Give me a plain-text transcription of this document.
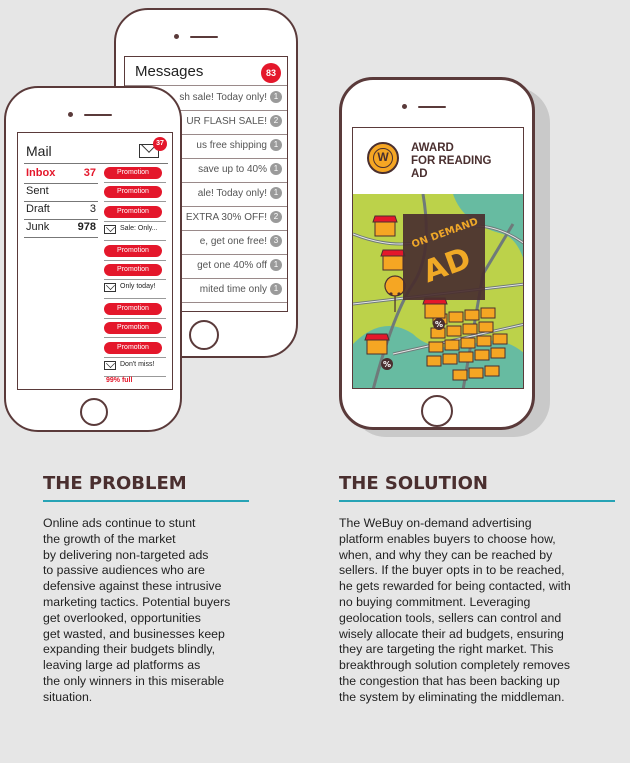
Messages	83
sh sale! Today only! 1
UR FLASH SALE! 2
us free shipping 1
save up to 40% 1
ale! Today only! 1
EXTRA 30% OFF! 2
e, get one free! 3
get one 40% off 1
mited time only 1
Mail	37
Inbox	37
Sent
Draft	3
Junk	978
Promotion
Promotion
Promotion
Sale: Only...
Promotion
Promotion
Only today!
Promotion
Promotion
Promotion
Don't miss!
99% full
W
AWARD
FOR READING
AD
%
%
ON DEMAND
AD
THE PROBLEM
Online ads continue to stunt
the growth of the market
by delivering non-targeted ads
to passive audiences who are
defensive against these intrusive
marketing tactics. Potential buyers
get overlooked, opportunities
get wasted, and businesses keep
expanding their budgets blindly,
leaving large ad platforms as
the only winners in this miserable
situation.
THE SOLUTION
The WeBuy on-demand advertising
platform enables buyers to choose how,
when, and why they can be reached by
sellers. If the buyer opts in to be reached,
he gets rewarded for being contacted, with
no buying commitment. Leveraging
geolocation tools, sellers can control and
wisely allocate their ad budgets, ensuring
they are targeting the right market. This
breakthrough solution completely removes
the congestion that has been backing up
the system by eliminating the middleman.
